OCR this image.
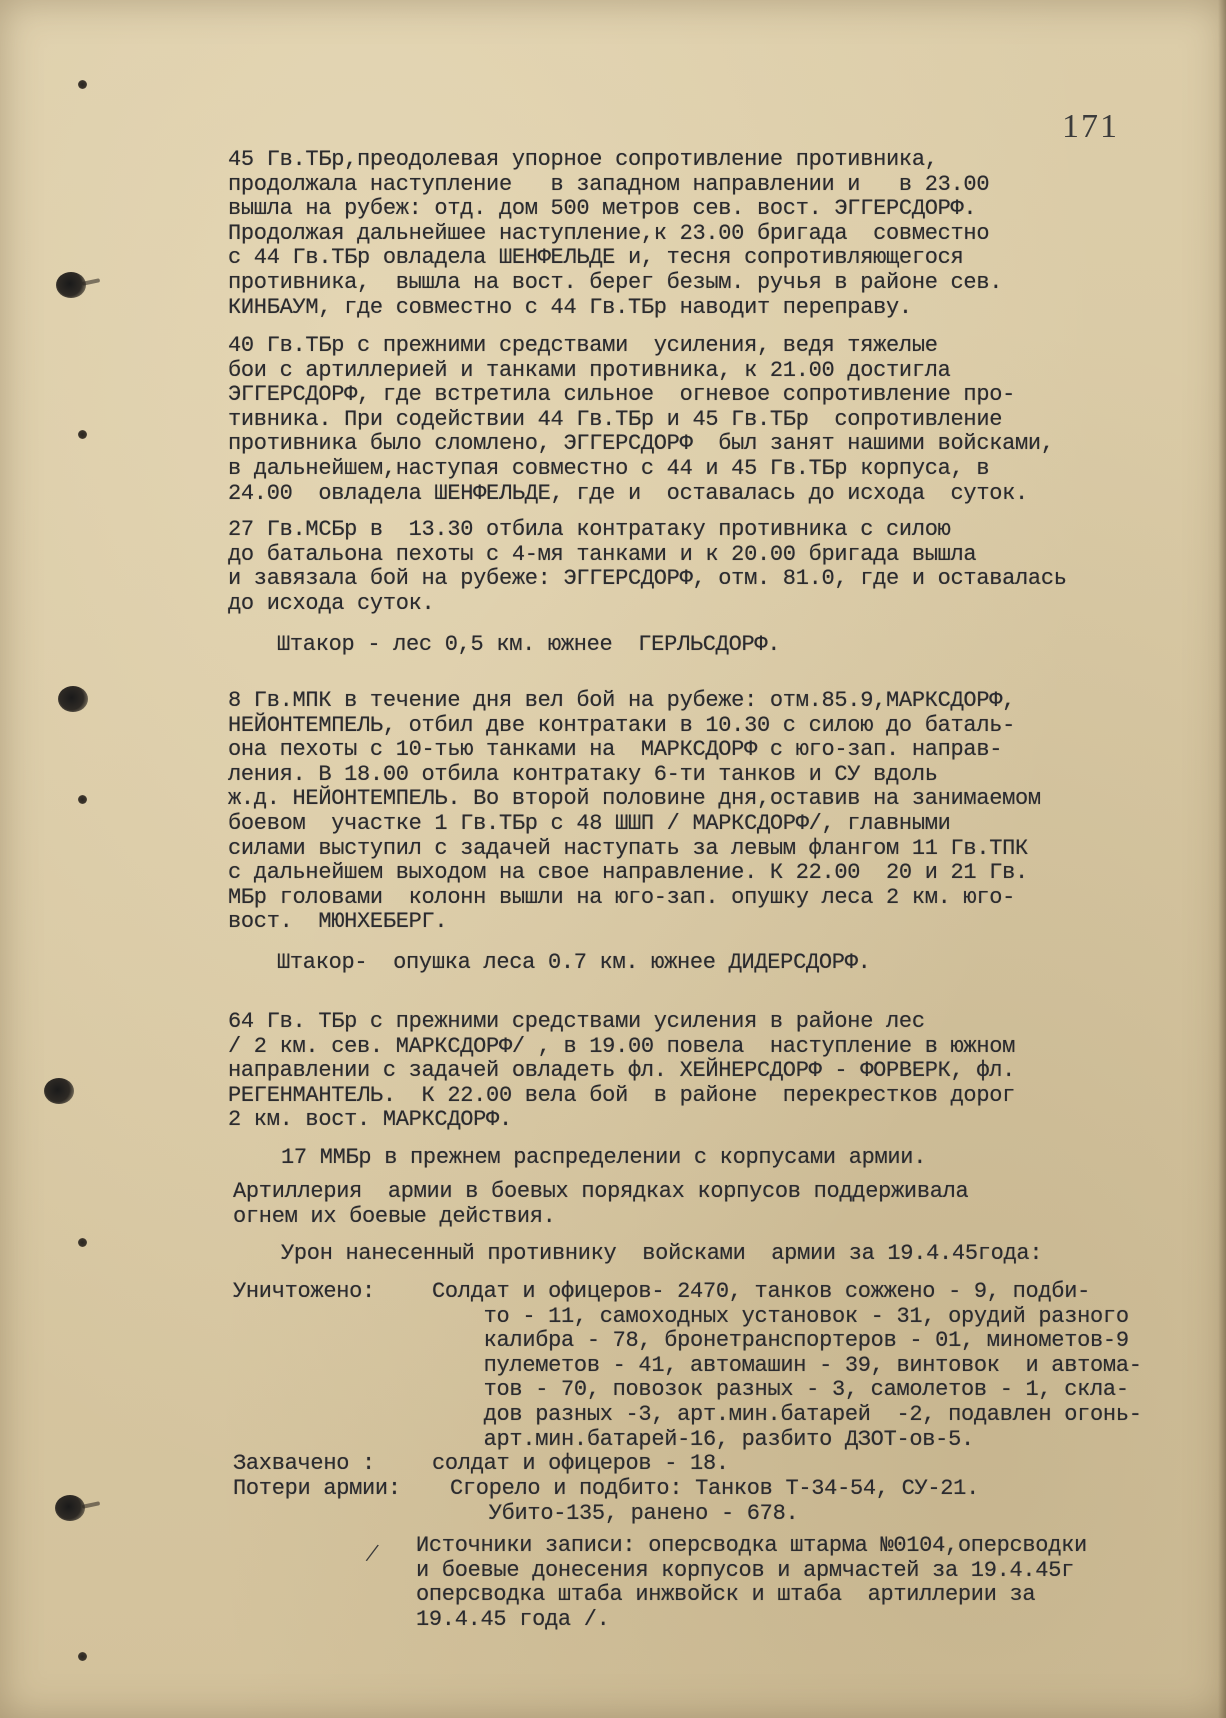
171
45 Гв.ТБр,преодолевая упорное сопротивление противника,
продолжала наступление   в западном направлении и   в 23.00
вышла на рубеж: отд. дом 500 метров сев. вост. ЭГГЕРСДОРФ.
Продолжая дальнейшее наступление,к 23.00 бригада  совместно
с 44 Гв.ТБр овладела ШЕНФЕЛЬДЕ и, тесня сопротивляющегося
противника,  вышла на вост. берег безым. ручья в районе сев.
КИНБАУМ, где совместно с 44 Гв.ТБр наводит переправу.
40 Гв.ТБр с прежними средствами  усиления, ведя тяжелые
бои с артиллерией и танками противника, к 21.00 достигла
ЭГГЕРСДОРФ, где встретила сильное  огневое сопротивление про-
тивника. При содействии 44 Гв.ТБр и 45 Гв.ТБр  сопротивление
противника было сломлено, ЭГГЕРСДОРФ  был занят нашими войсками,
в дальнейшем,наступая совместно с 44 и 45 Гв.ТБр корпуса, в
24.00  овладела ШЕНФЕЛЬДЕ, где и  оставалась до исхода  суток.
27 Гв.МСБр в  13.30 отбила контратаку противника с силою
до батальона пехоты с 4-мя танками и к 20.00 бригада вышла
и завязала бой на рубеже: ЭГГЕРСДОРФ, отм. 81.0, где и оставалась
до исхода суток.
Штакор - лес 0,5 км. южнее  ГЕРЛЬСДОРФ.
8 Гв.МПК в течение дня вел бой на рубеже: отм.85.9,МАРКСДОРФ,
НЕЙОНТЕМПЕЛЬ, отбил две контратаки в 10.30 с силою до баталь-
она пехоты с 10-тью танками на  МАРКСДОРФ с юго-зап. направ-
ления. В 18.00 отбила контратаку 6-ти танков и СУ вдоль
ж.д. НЕЙОНТЕМПЕЛЬ. Во второй половине дня,оставив на занимаемом
боевом  участке 1 Гв.ТБр с 48 ШШП / МАРКСДОРФ/, главными
силами выступил с задачей наступать за левым флангом 11 Гв.ТПК
с дальнейшем выходом на свое направление. К 22.00  20 и 21 Гв.
МБр головами  колонн вышли на юго-зап. опушку леса 2 км. юго-
вост.  МЮНХЕБЕРГ.
Штакор-  опушка леса 0.7 км. южнее ДИДЕРСДОРФ.
64 Гв. ТБр с прежними средствами усиления в районе лес
/ 2 км. сев. МАРКСДОРФ/ , в 19.00 повела  наступление в южном
направлении с задачей овладеть фл. ХЕЙНЕРСДОРФ - ФОРВЕРК, фл.
РЕГЕНМАНТЕЛЬ.  К 22.00 вела бой  в районе  перекрестков дорог
2 км. вост. МАРКСДОРФ.
17 ММБр в прежнем распределении с корпусами армии.
Артиллерия  армии в боевых порядках корпусов поддерживала
огнем их боевые действия.
Урон нанесенный противнику  войсками  армии за 19.4.45года:
Уничтожено:	Солдат и офицеров- 2470, танков сожжено - 9, подби-
то - 11, самоходных установок - 31, орудий разного
калибра - 78, бронетранспортеров - 01, минометов-9
пулеметов - 41, автомашин - 39, винтовок  и автома-
тов - 70, повозок разных - 3, самолетов - 1, скла-
дов разных -3, арт.мин.батарей  -2, подавлен огонь-
арт.мин.батарей-16, разбито ДЗОТ-ов-5.
Захвачено :	солдат и офицеров - 18.
Потери армии: Сгорело и подбито: Танков Т-34-54, СУ-21.
Убито-135, ранено - 678.
/ Источники записи: оперсводка штарма №0104,оперсводки
и боевые донесения корпусов и армчастей за 19.4.45г
оперсводка штаба инжвойск и штаба  артиллерии за
19.4.45 года /.
